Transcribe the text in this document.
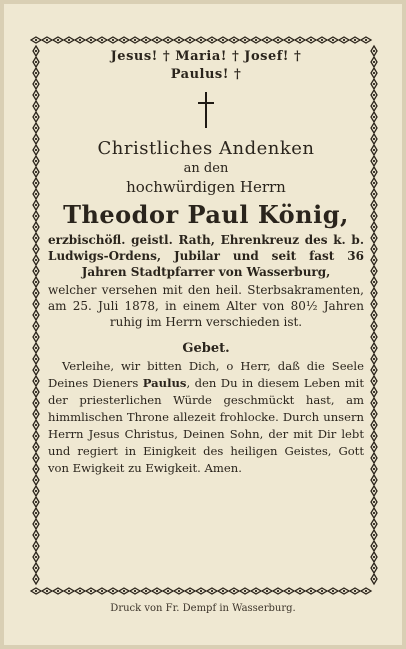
Jesus! † Maria! † Josef! †
Paulus! †
Christliches Andenken
an den
hochwürdigen Herrn
Theodor Paul König,
erzbischöfl. geistl. Rath, Ehrenkreuz des k. b. Ludwigs-Ordens, Jubilar und seit fast 36 Jahren Stadtpfarrer von Wasserburg,
welcher versehen mit den heil. Sterbsakramenten, am 25. Juli 1878, in einem Alter von 80½ Jahren ruhig im Herrn verschieden ist.
Gebet.
Verleihe, wir bitten Dich, o Herr, daß die Seele Deines Dieners Paulus, den Du in diesem Leben mit der priesterlichen Würde geschmückt hast, am himmlischen Throne allezeit frohlocke. Durch unsern Herrn Jesus Christus, Deinen Sohn, der mit Dir lebt und regiert in Einigkeit des heiligen Geistes, Gott von Ewigkeit zu Ewigkeit. Amen.
Druck von Fr. Dempf in Wasserburg.
